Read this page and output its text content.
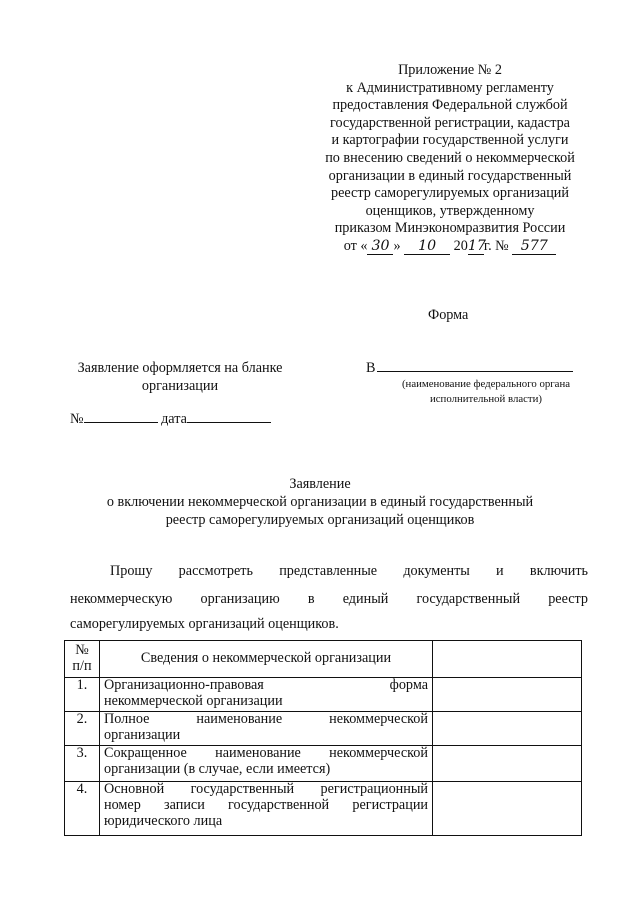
Приложение № 2
к Административному регламенту
предоставления Федеральной службой
государственной регистрации, кадастра
и картографии государственной услуги
по внесению сведений о некоммерческой
организации в единый государственный
реестр саморегулируемых организаций
оценщиков, утвержденному
приказом Минэкономразвития России
от « 30 » 10 2017г. № 577
Форма
Заявление оформляется на бланке
организации
В
(наименование федерального органа
исполнительной власти)
№	дата
Заявление
о включении некоммерческой организации в единый государственный
реестр саморегулируемых организаций оценщиков
Прошу рассмотреть представленные документы и включить
некоммерческую организацию в единый государственный реестр
саморегулируемых организаций оценщиков.
№
п/п	Сведения о некоммерческой организации	
1.	Организационно-правовая форма
некоммерческой организации	
2.	Полное наименование некоммерческой
организации	
3.	Сокращенное наименование некоммерческой
организации (в случае, если имеется)	
4.	Основной государственный регистрационный
номер записи государственной регистрации
юридического лица	
